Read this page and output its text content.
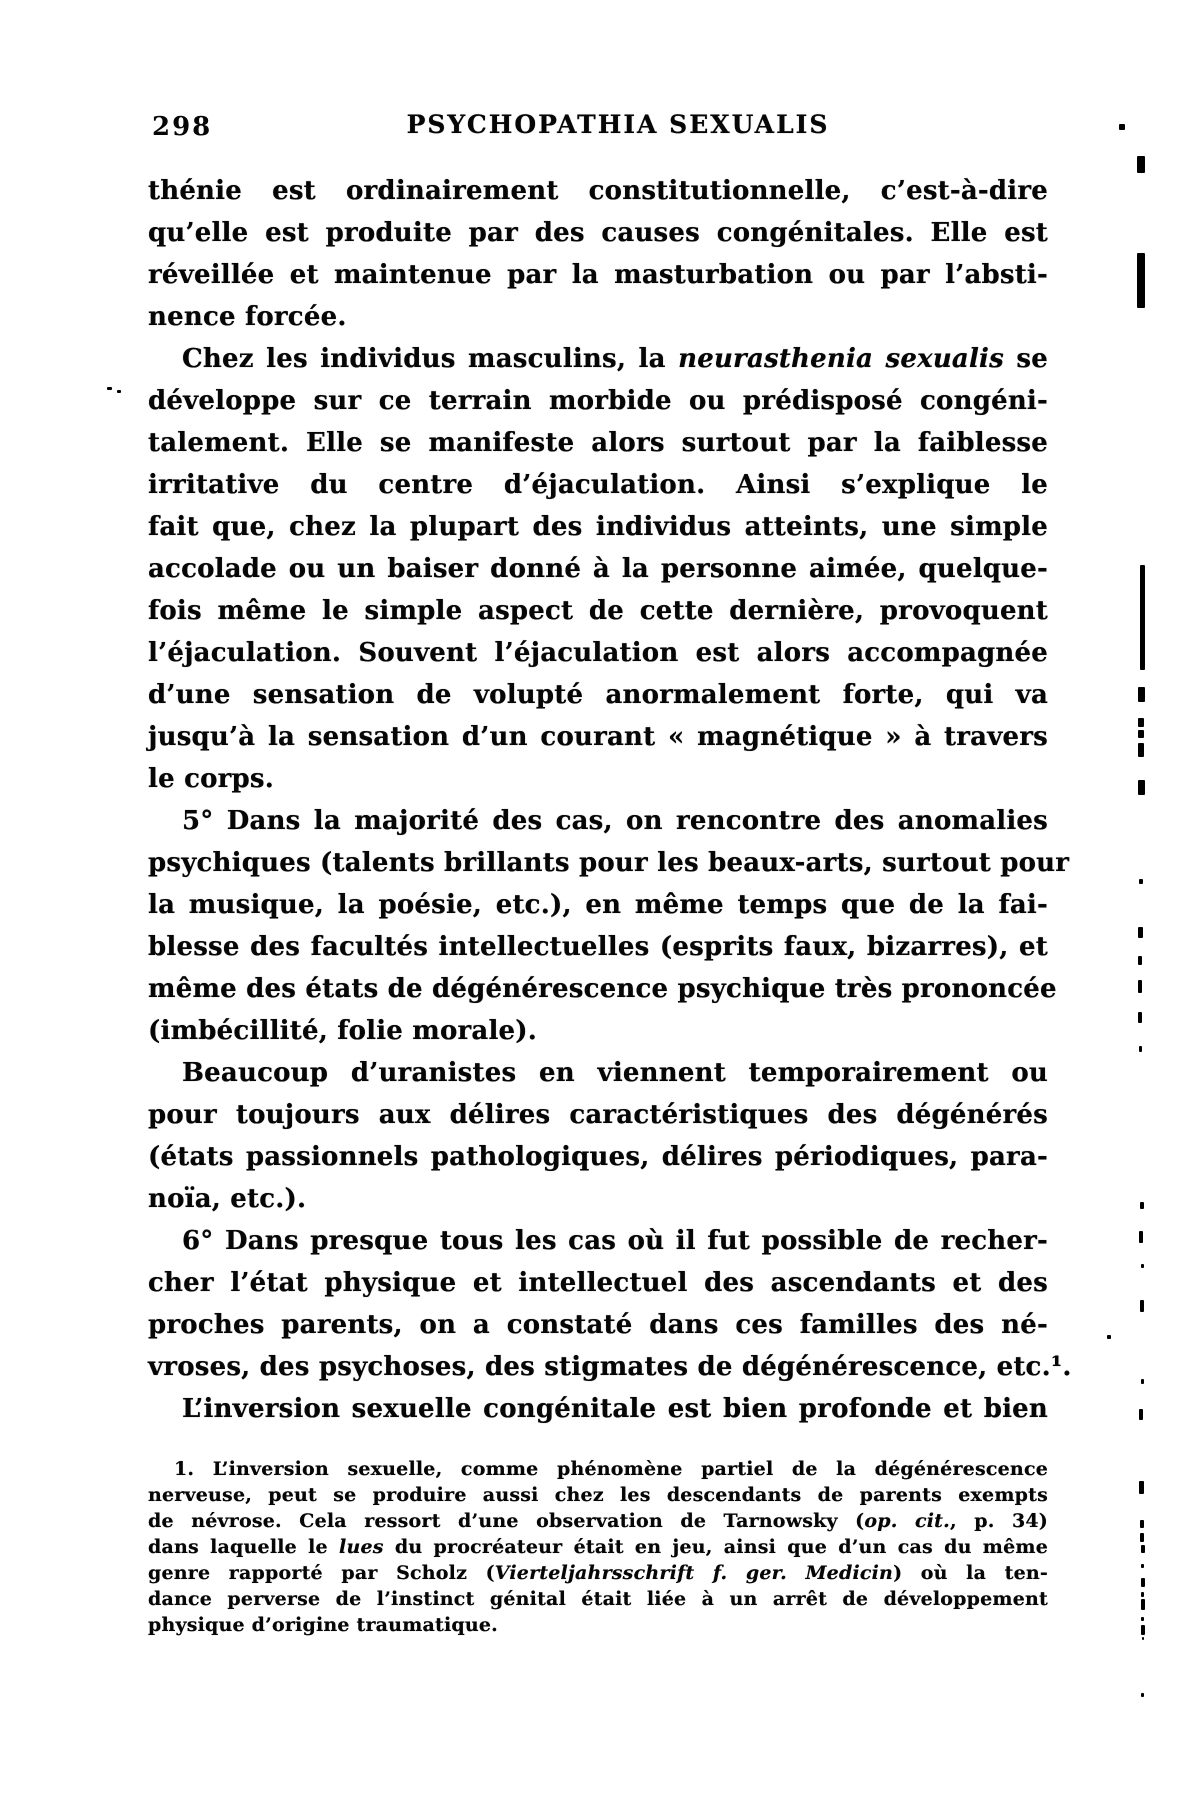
298	PSYCHOPATHIA SEXUALIS
thénie est ordinairement constitutionnelle, c’est-à-dire
qu’elle est produite par des causes congénitales. Elle est
réveillée et maintenue par la masturbation ou par l’absti-
nence forcée.
Chez les individus masculins, la neurasthenia sexualis se
développe sur ce terrain morbide ou prédisposé congéni-
talement. Elle se manifeste alors surtout par la faiblesse
irritative du centre d’éjaculation. Ainsi s’explique le
fait que, chez la plupart des individus atteints, une simple
accolade ou un baiser donné à la personne aimée, quelque-
fois même le simple aspect de cette dernière, provoquent
l’éjaculation. Souvent l’éjaculation est alors accompagnée
d’une sensation de volupté anormalement forte, qui va
jusqu’à la sensation d’un courant « magnétique » à travers
le corps.
5° Dans la majorité des cas, on rencontre des anomalies
psychiques (talents brillants pour les beaux-arts, surtout pour
la musique, la poésie, etc.), en même temps que de la fai-
blesse des facultés intellectuelles (esprits faux, bizarres), et
même des états de dégénérescence psychique très prononcée
(imbécillité, folie morale).
Beaucoup d’uranistes en viennent temporairement ou
pour toujours aux délires caractéristiques des dégénérés
(états passionnels pathologiques, délires périodiques, para-
noïa, etc.).
6° Dans presque tous les cas où il fut possible de recher-
cher l’état physique et intellectuel des ascendants et des
proches parents, on a constaté dans ces familles des né-
vroses, des psychoses, des stigmates de dégénérescence, etc.¹.
L’inversion sexuelle congénitale est bien profonde et bien
1. L’inversion sexuelle, comme phénomène partiel de la dégénérescence
nerveuse, peut se produire aussi chez les descendants de parents exempts
de névrose. Cela ressort d’une observation de Tarnowsky (op. cit., p. 34)
dans laquelle le lues du procréateur était en jeu, ainsi que d’un cas du même
genre rapporté par Scholz (Vierteljahrsschrift f. ger. Medicin) où la ten-
dance perverse de l’instinct génital était liée à un arrêt de développement
physique d’origine traumatique.
